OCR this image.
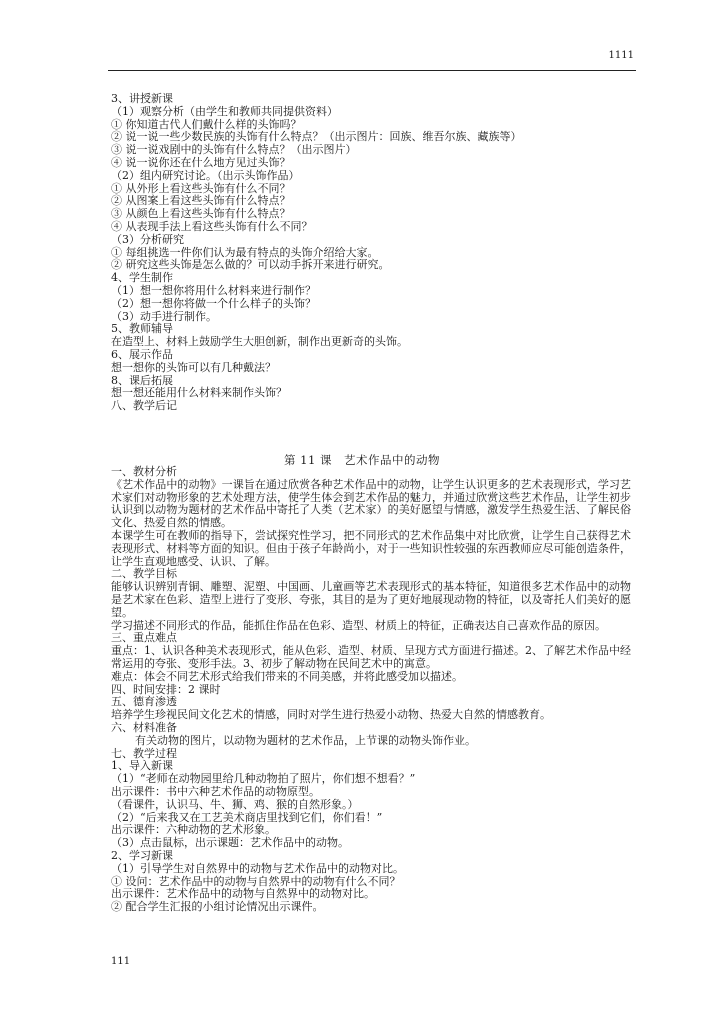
1111
3、讲授新课
（1）观察分析（由学生和教师共同提供资料）
① 你知道古代人们戴什么样的头饰吗？
② 说一说一些少数民族的头饰有什么特点？（出示图片：回族、维吾尔族、藏族等）
③ 说一说戏剧中的头饰有什么特点？（出示图片）
④ 说一说你还在什么地方见过头饰？
（2）组内研究讨论。（出示头饰作品）
① 从外形上看这些头饰有什么不同？
② 从图案上看这些头饰有什么特点？
③ 从颜色上看这些头饰有什么特点？
④ 从表现手法上看这些头饰有什么不同？
（3）分析研究
① 每组挑选一件你们认为最有特点的头饰介绍给大家。
② 研究这些头饰是怎么做的？可以动手拆开来进行研究。
4、学生制作
（1）想一想你将用什么材料来进行制作？
（2）想一想你将做一个什么样子的头饰？
（3）动手进行制作。
5、教师辅导
在造型上、材料上鼓励学生大胆创新，制作出更新奇的头饰。
6、展示作品
想一想你的头饰可以有几种戴法？
8、课后拓展
想一想还能用什么材料来制作头饰？
八、教学后记
第 11 课　艺术作品中的动物
一、教材分析
《艺术作品中的动物》一课旨在通过欣赏各种艺术作品中的动物，让学生认识更多的艺术表现形式，学习艺术家们对动物形象的艺术处理方法，使学生体会到艺术作品的魅力，并通过欣赏这些艺术作品，让学生初步认识到以动物为题材的艺术作品中寄托了人类（艺术家）的美好愿望与情感，激发学生热爱生活、了解民俗文化、热爱自然的情感。
本课学生可在教师的指导下，尝试探究性学习，把不同形式的艺术作品集中对比欣赏，让学生自己获得艺术表现形式、材料等方面的知识。但由于孩子年龄尚小，对于一些知识性较强的东西教师应尽可能创造条件，让学生直观地感受、认识、了解。
二、教学目标
能够认识辨别青铜、雕塑、泥塑、中国画、儿童画等艺术表现形式的基本特征，知道很多艺术作品中的动物是艺术家在色彩、造型上进行了变形、夸张，其目的是为了更好地展现动物的特征，以及寄托人们美好的愿望。
学习描述不同形式的作品，能抓住作品在色彩、造型、材质上的特征，正确表达自己喜欢作品的原因。
三、重点难点
重点：1、认识各种美术表现形式，能从色彩、造型、材质、呈现方式方面进行描述。2、了解艺术作品中经常运用的夸张、变形手法。3、初步了解动物在民间艺术中的寓意。
难点：体会不同艺术形式给我们带来的不同美感，并将此感受加以描述。
四、时间安排：2 课时
五、德育渗透
培养学生珍视民间文化艺术的情感，同时对学生进行热爱小动物、热爱大自然的情感教育。
六、材料准备
有关动物的图片，以动物为题材的艺术作品，上节课的动物头饰作业。
七、教学过程
1、导入新课
（1）“老师在动物园里给几种动物拍了照片，你们想不想看？”
出示课件：书中六种艺术作品的动物原型。
（看课件，认识马、牛、狮、鸡、猴的自然形象。）
（2）“后来我又在工艺美术商店里找到它们，你们看！”
出示课件：六种动物的艺术形象。
（3）点击鼠标，出示课题：艺术作品中的动物。
2、学习新课
（1）引导学生对自然界中的动物与艺术作品中的动物对比。
① 设问：艺术作品中的动物与自然界中的动物有什么不同？
出示课件：艺术作品中的动物与自然界中的动物对比。
② 配合学生汇报的小组讨论情况出示课件。
111
